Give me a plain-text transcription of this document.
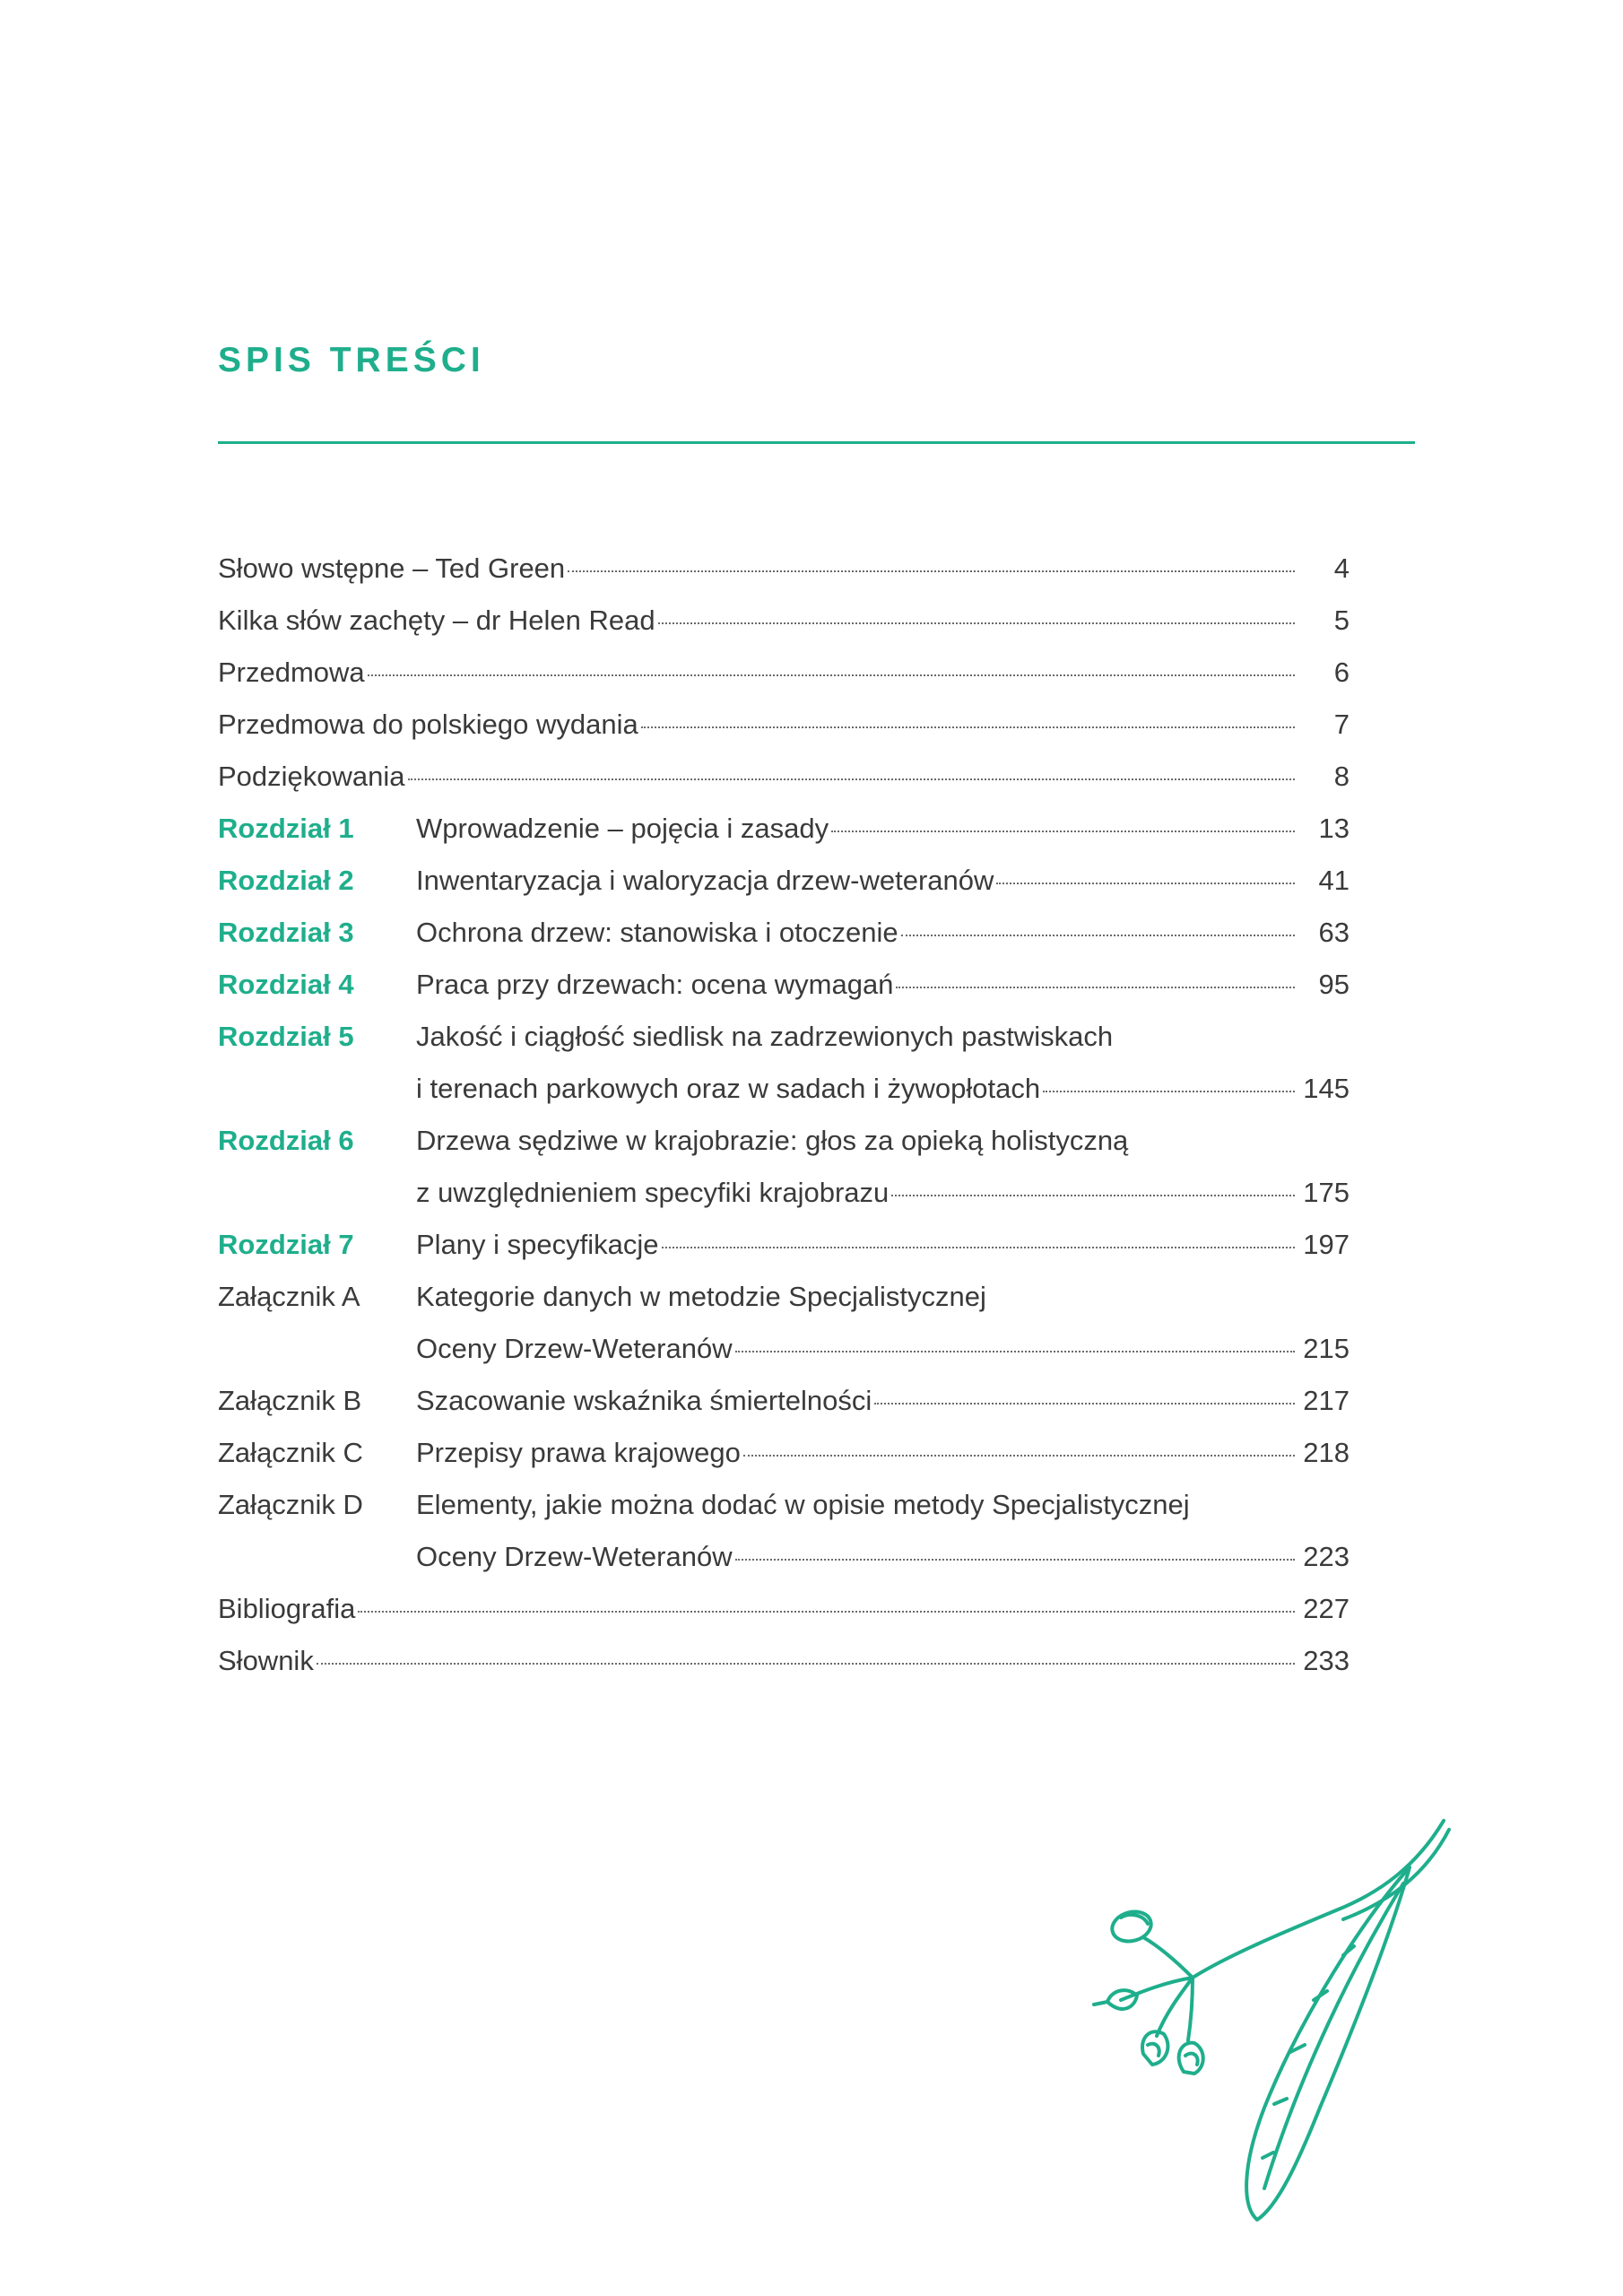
SPIS TREŚCI
Słowo wstępne – Ted Green	4
Kilka słów zachęty – dr Helen Read	5
Przedmowa	6
Przedmowa do polskiego wydania	7
Podziękowania	8
Rozdział 1 Wprowadzenie – pojęcia i zasady	13
Rozdział 2 Inwentaryzacja i waloryzacja drzew-weteranów	41
Rozdział 3 Ochrona drzew: stanowiska i otoczenie	63
Rozdział 4 Praca przy drzewach: ocena wymagań	95
Rozdział 5 Jakość i ciągłość siedlisk na zadrzewionych pastwiskach
i terenach parkowych oraz w sadach i żywopłotach	145
Rozdział 6 Drzewa sędziwe w krajobrazie: głos za opieką holistyczną
z uwzględnieniem specyfiki krajobrazu	175
Rozdział 7 Plany i specyfikacje	197
Załącznik A Kategorie danych w metodzie Specjalistycznej
Oceny Drzew-Weteranów	215
Załącznik B Szacowanie wskaźnika śmiertelności	217
Załącznik C Przepisy prawa krajowego	218
Załącznik D Elementy, jakie można dodać w opisie metody Specjalistycznej
Oceny Drzew-Weteranów	223
Bibliografia	227
Słownik	233
